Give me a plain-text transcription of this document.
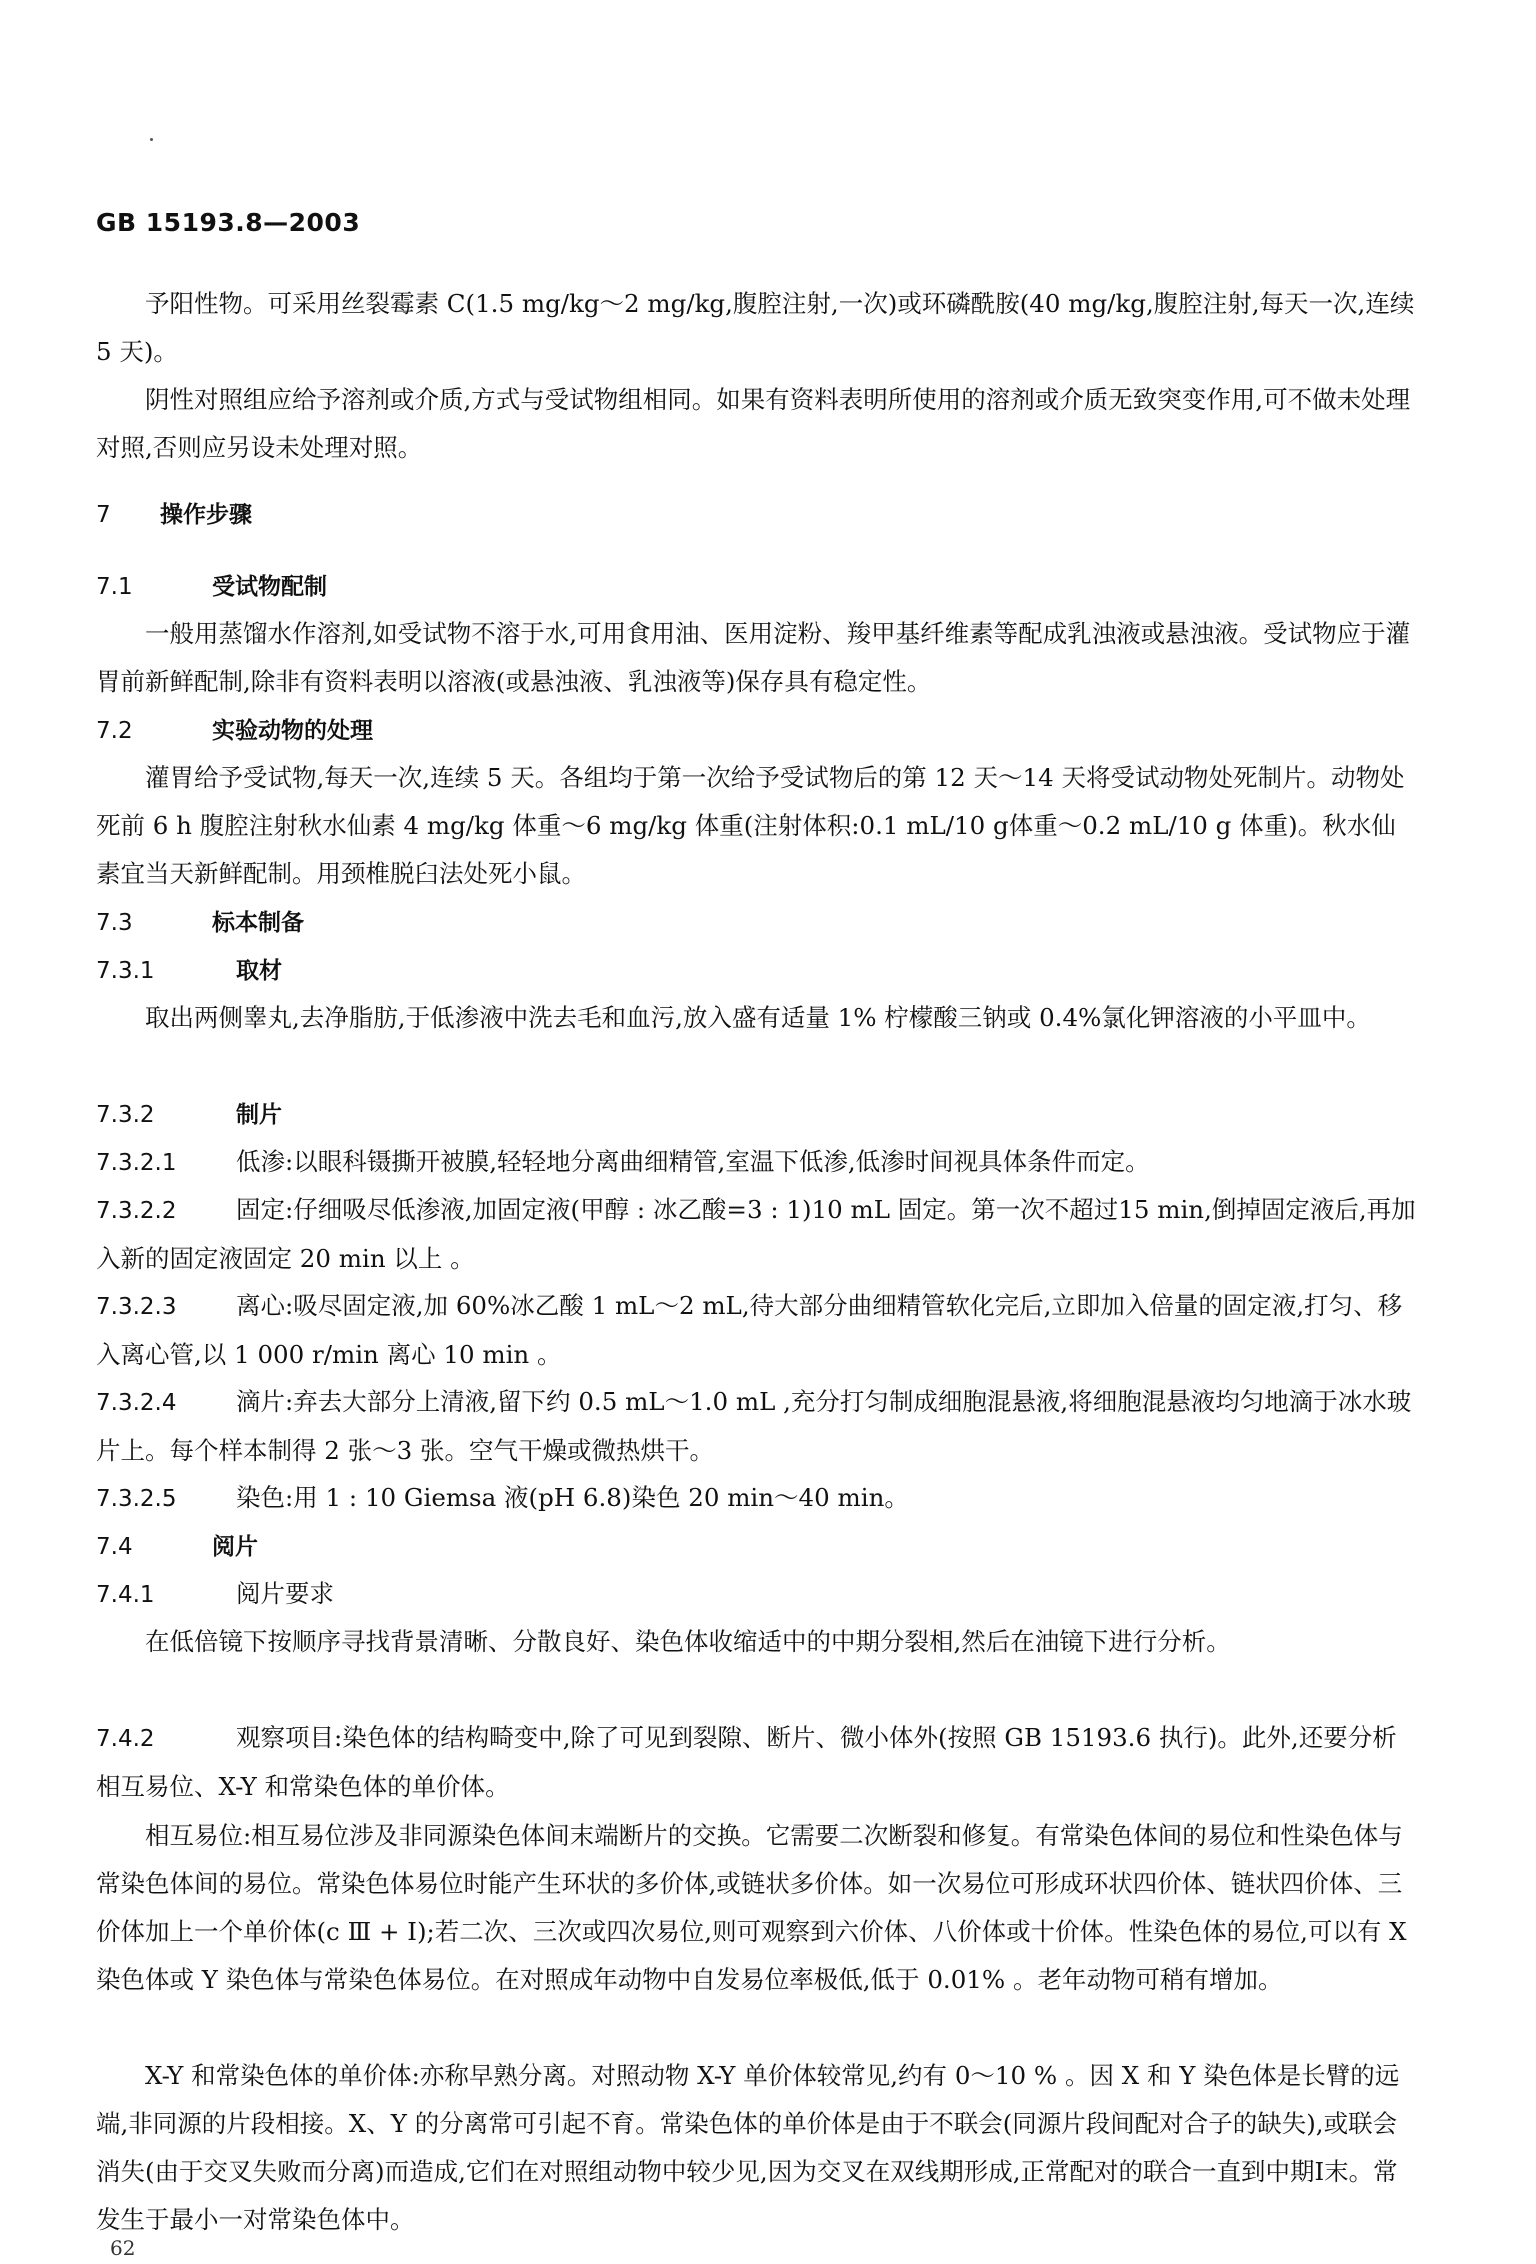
GB 15193.8—2003
予阳性物。可采用丝裂霉素 C(1.5 mg/kg～2 mg/kg,腹腔注射,一次)或环磷酰胺(40 mg/kg,腹腔注射,每天一次,连续 5 天)。
阴性对照组应给予溶剂或介质,方式与受试物组相同。如果有资料表明所使用的溶剂或介质无致突变作用,可不做未处理对照,否则应另设未处理对照。
7 操作步骤
7.1	受试物配制
一般用蒸馏水作溶剂,如受试物不溶于水,可用食用油、医用淀粉、羧甲基纤维素等配成乳浊液或悬浊液。受试物应于灌胃前新鲜配制,除非有资料表明以溶液(或悬浊液、乳浊液等)保存具有稳定性。
7.2	实验动物的处理
灌胃给予受试物,每天一次,连续 5 天。各组均于第一次给予受试物后的第 12 天～14 天将受试动物处死制片。动物处死前 6 h 腹腔注射秋水仙素 4 mg/kg 体重～6 mg/kg 体重(注射体积:0.1 mL/10 g体重～0.2 mL/10 g 体重)。秋水仙素宜当天新鲜配制。用颈椎脱臼法处死小鼠。
7.3	标本制备
7.3.1	取材
取出两侧睾丸,去净脂肪,于低渗液中洗去毛和血污,放入盛有适量 1% 柠檬酸三钠或 0.4%氯化钾溶液的小平皿中。
7.3.2	制片
7.3.2.1 低渗:以眼科镊撕开被膜,轻轻地分离曲细精管,室温下低渗,低渗时间视具体条件而定。
7.3.2.2 固定:仔细吸尽低渗液,加固定液(甲醇 : 冰乙酸=3 : 1)10 mL 固定。第一次不超过15 min,倒掉固定液后,再加入新的固定液固定 20 min 以上 。
7.3.2.3 离心:吸尽固定液,加 60%冰乙酸 1 mL～2 mL,待大部分曲细精管软化完后,立即加入倍量的固定液,打匀、移入离心管,以 1 000 r/min 离心 10 min 。
7.3.2.4 滴片:弃去大部分上清液,留下约 0.5 mL～1.0 mL ,充分打匀制成细胞混悬液,将细胞混悬液均匀地滴于冰水玻片上。每个样本制得 2 张～3 张。空气干燥或微热烘干。
7.3.2.5 染色:用 1 : 10 Giemsa 液(pH 6.8)染色 20 min～40 min。
7.4	阅片
7.4.1	阅片要求
在低倍镜下按顺序寻找背景清晰、分散良好、染色体收缩适中的中期分裂相,然后在油镜下进行分析。
7.4.2	观察项目:染色体的结构畸变中,除了可见到裂隙、断片、微小体外(按照 GB 15193.6 执行)。此外,还要分析相互易位、X-Y 和常染色体的单价体。
相互易位:相互易位涉及非同源染色体间末端断片的交换。它需要二次断裂和修复。有常染色体间的易位和性染色体与常染色体间的易位。常染色体易位时能产生环状的多价体,或链状多价体。如一次易位可形成环状四价体、链状四价体、三价体加上一个单价体(c Ⅲ + Ⅰ);若二次、三次或四次易位,则可观察到六价体、八价体或十价体。性染色体的易位,可以有 X 染色体或 Y 染色体与常染色体易位。在对照成年动物中自发易位率极低,低于 0.01% 。老年动物可稍有增加。
X-Y 和常染色体的单价体:亦称早熟分离。对照动物 X-Y 单价体较常见,约有 0～10 % 。因 X 和 Y 染色体是长臂的远端,非同源的片段相接。X、Y 的分离常可引起不育。常染色体的单价体是由于不联会(同源片段间配对合子的缺失),或联会消失(由于交叉失败而分离)而造成,它们在对照组动物中较少见,因为交叉在双线期形成,正常配对的联合一直到中期Ⅰ末。常发生于最小一对常染色体中。
62
